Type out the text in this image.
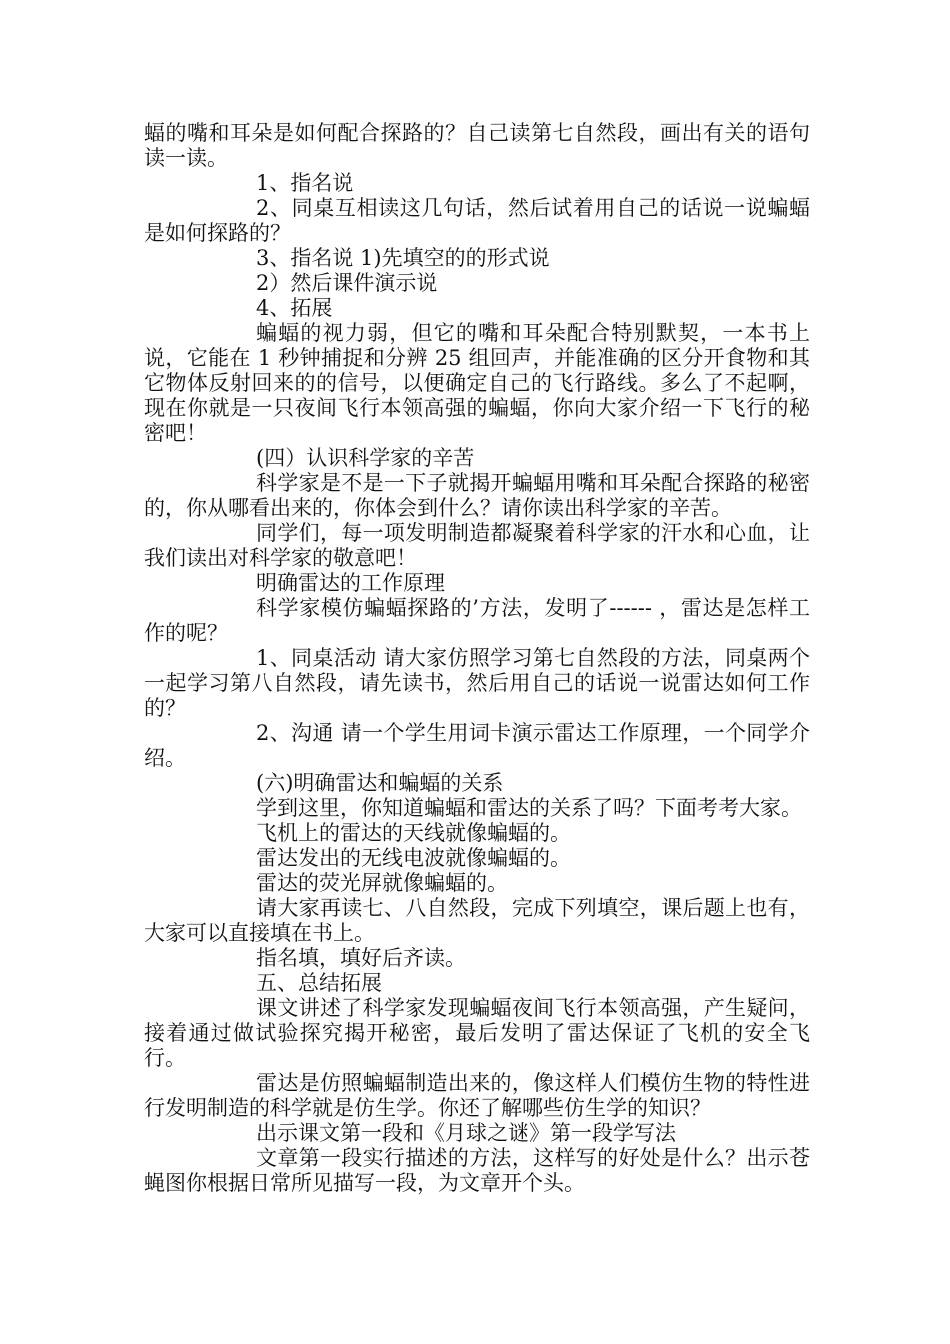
蝠的嘴和耳朵是如何配合探路的？自己读第七自然段，画出有关的语句读一读。

1、指名说

2、同桌互相读这几句话，然后试着用自己的话说一说蝙蝠是如何探路的？

3、指名说 1)先填空的的形式说

2）然后课件演示说

4、拓展

蝙蝠的视力弱，但它的嘴和耳朵配合特别默契，一本书上说，它能在 1 秒钟捕捉和分辨 25 组回声，并能准确的区分开食物和其它物体反射回来的的信号，以便确定自己的飞行路线。多么了不起啊，现在你就是一只夜间飞行本领高强的蝙蝠，你向大家介绍一下飞行的秘密吧！

(四）认识科学家的辛苦

科学家是不是一下子就揭开蝙蝠用嘴和耳朵配合探路的秘密的，你从哪看出来的，你体会到什么？请你读出科学家的辛苦。

同学们，每一项发明制造都凝聚着科学家的汗水和心血，让我们读出对科学家的敬意吧！

明确雷达的工作原理

科学家模仿蝙蝠探路的’方法，发明了------ ，雷达是怎样工作的呢？

1、同桌活动 请大家仿照学习第七自然段的方法，同桌两个一起学习第八自然段，请先读书，然后用自己的话说一说雷达如何工作的？

2、沟通 请一个学生用词卡演示雷达工作原理，一个同学介绍。

(六)明确雷达和蝙蝠的关系

学到这里，你知道蝙蝠和雷达的关系了吗？下面考考大家。

飞机上的雷达的天线就像蝙蝠的。

雷达发出的无线电波就像蝙蝠的。

雷达的荧光屏就像蝙蝠的。

请大家再读七、八自然段，完成下列填空，课后题上也有，大家可以直接填在书上。

指名填，填好后齐读。

五、总结拓展

课文讲述了科学家发现蝙蝠夜间飞行本领高强，产生疑问，接着通过做试验探究揭开秘密，最后发明了雷达保证了飞机的安全飞行。

雷达是仿照蝙蝠制造出来的，像这样人们模仿生物的特性进行发明制造的科学就是仿生学。你还了解哪些仿生学的知识？

出示课文第一段和《月球之谜》第一段学写法

文章第一段实行描述的方法，这样写的好处是什么？出示苍蝇图你根据日常所见描写一段，为文章开个头。
